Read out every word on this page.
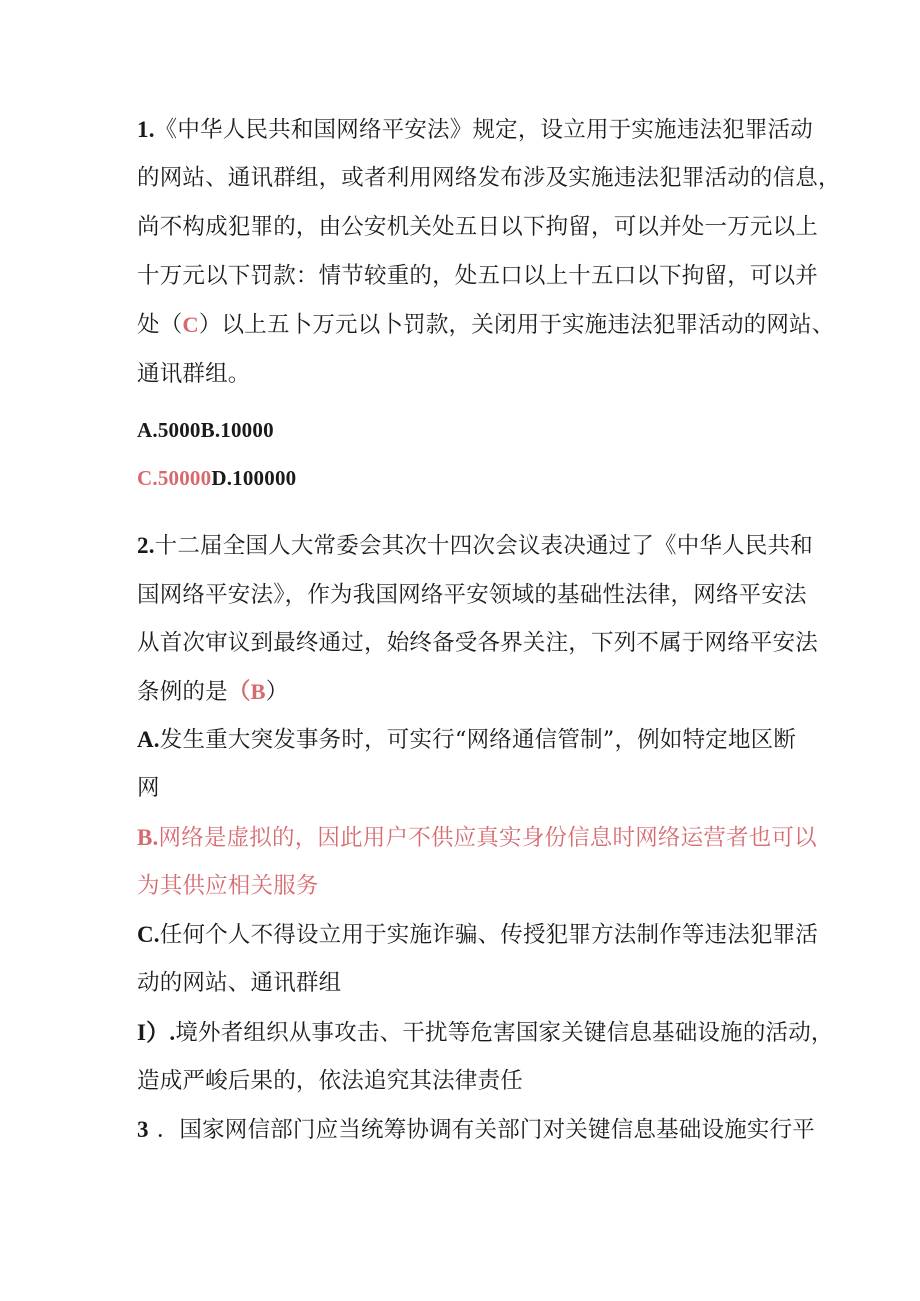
1.《中华人民共和国网络平安法》规定，设立用于实施违法犯罪活动
的网站、通讯群组，或者利用网络发布涉及实施违法犯罪活动的信息，
尚不构成犯罪的，由公安机关处五日以下拘留，可以并处一万元以上
十万元以下罚款：情节较重的，处五口以上十五口以下拘留，可以并
处（C）以上五卜万元以卜罚款，关闭用于实施违法犯罪活动的网站、
通讯群组。
A.5000B.10000
C.50000D.100000
2.十二届全国人大常委会其次十四次会议表决通过了《中华人民共和
国网络平安法》，作为我国网络平安领域的基础性法律，网络平安法
从首次审议到最终通过，始终备受各界关注，下列不属于网络平安法
条例的是（B）
A.发生重大突发事务时，可实行“网络通信管制”，例如特定地区断
网
B.网络是虚拟的，因此用户不供应真实身份信息时网络运营者也可以
为其供应相关服务
C.任何个人不得设立用于实施诈骗、传授犯罪方法制作等违法犯罪活
动的网站、通讯群组
I）.境外者组织从事攻击、干扰等危害国家关键信息基础设施的活动，
造成严峻后果的，依法追究其法律责任
3 ．国家网信部门应当统筹协调有关部门对关键信息基础设施实行平
